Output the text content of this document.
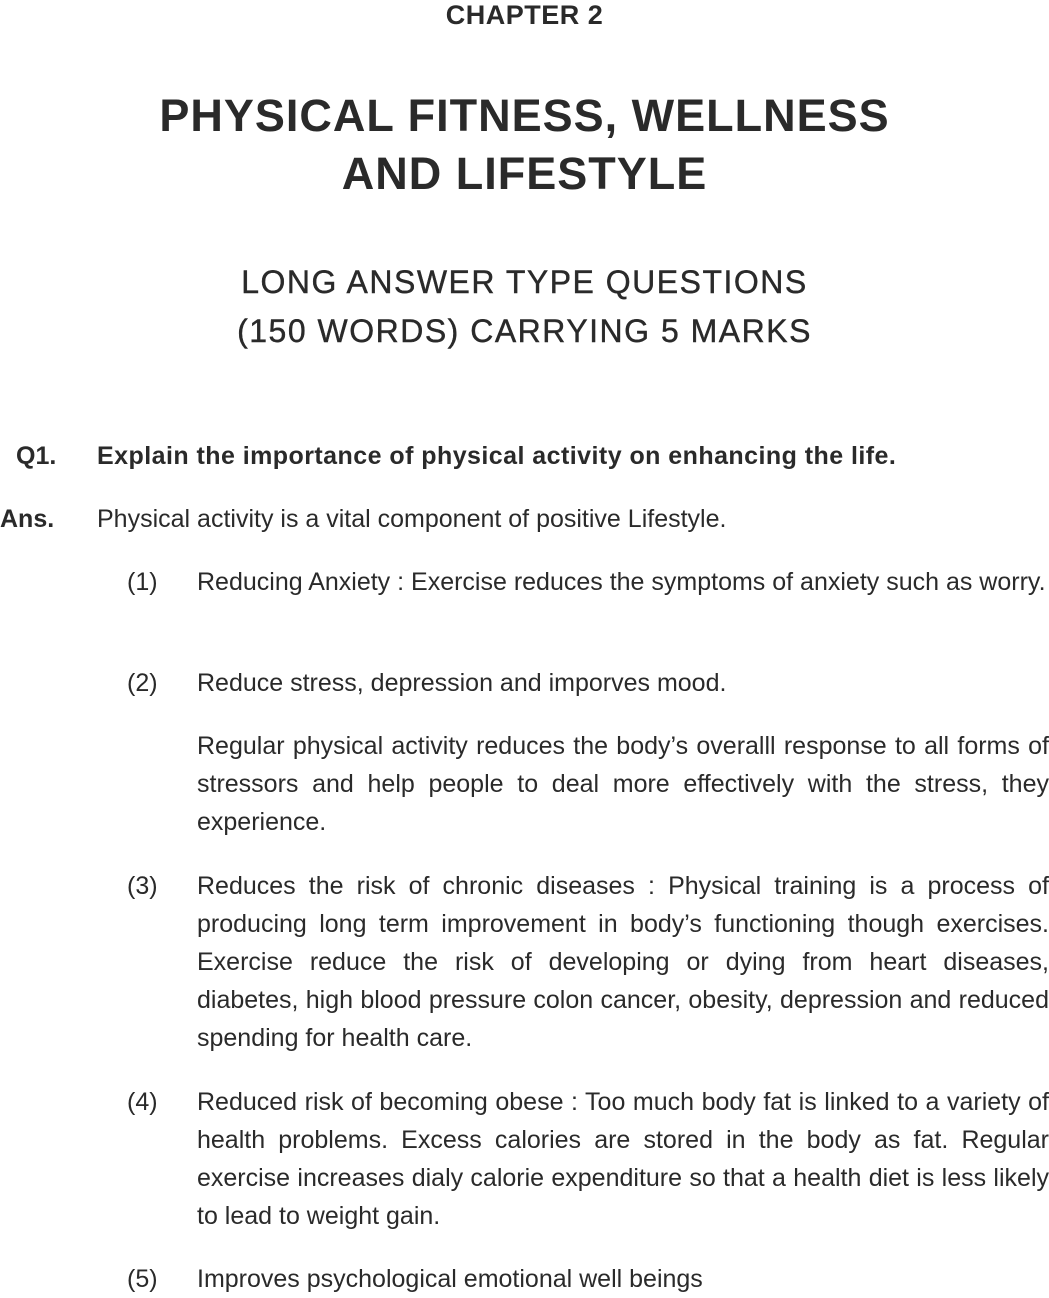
CHAPTER 2
PHYSICAL FITNESS, WELLNESS
AND LIFESTYLE
LONG ANSWER TYPE QUESTIONS
(150 WORDS) CARRYING 5 MARKS
Q1. Explain the importance of physical activity on enhancing the life.
Ans. Physical activity is a vital component of positive Lifestyle.
(1) Reducing Anxiety : Exercise reduces the symptoms of anxiety such as worry.
(2) Reduce stress, depression and imporves mood.
Regular physical activity reduces the body’s overalll response to all forms of stressors and help people to deal more effectively with the stress, they experience.
(3) Reduces the risk of chronic diseases : Physical training is a process of producing long term improvement in body’s functioning though exercises. Exercise reduce the risk of developing or dying from heart diseases, diabetes, high blood pressure colon cancer, obesity, depression and reduced spending for health care.
(4) Reduced risk of becoming obese : Too much body fat is linked to a variety of health problems. Excess calories are stored in the body as fat. Regular exercise increases dialy calorie expenditure so that a health diet is less likely to lead to weight gain.
(5) Improves psychological emotional well beings
